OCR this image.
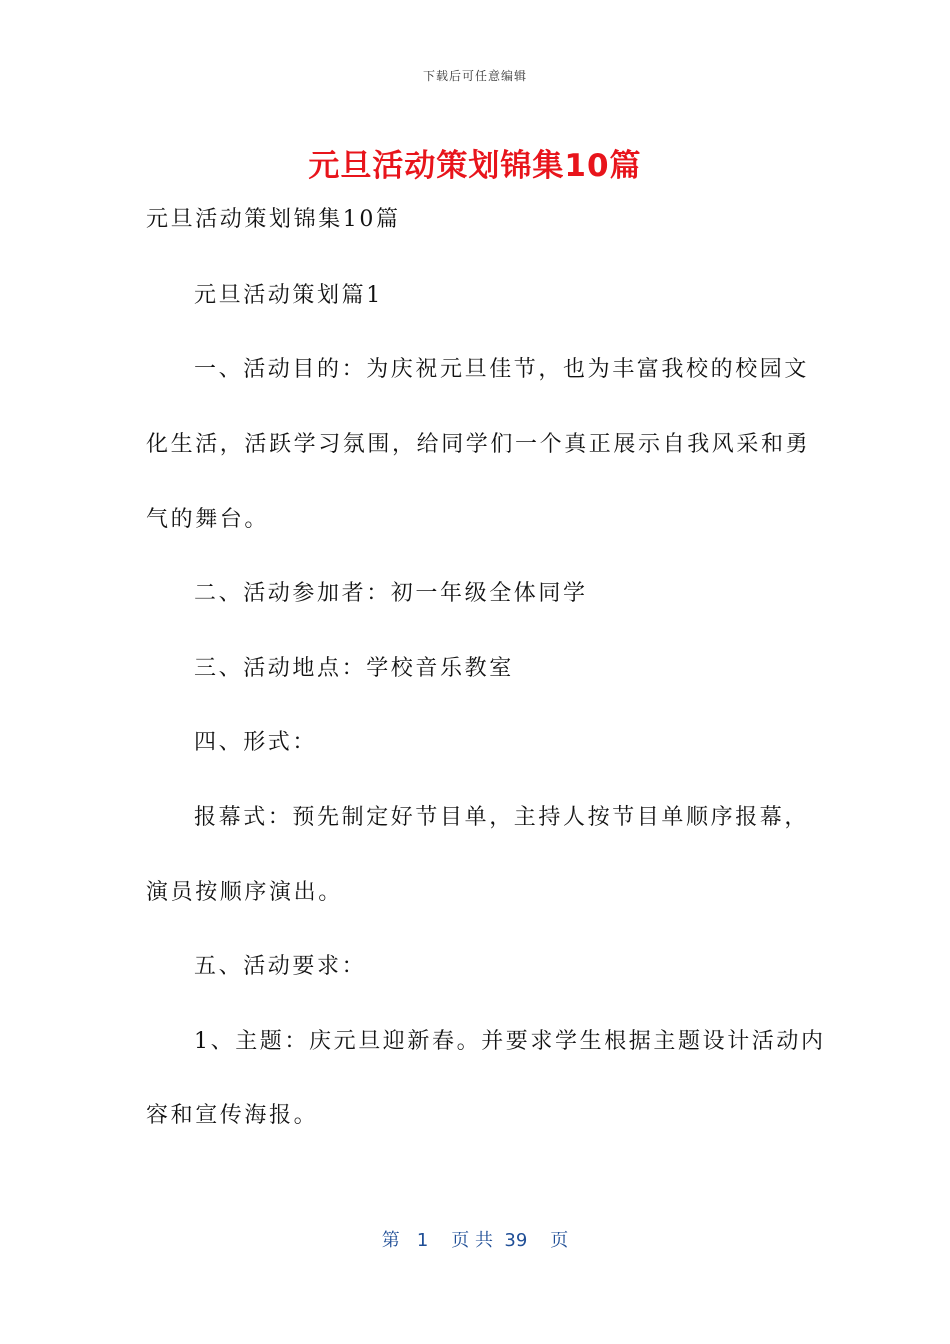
下载后可任意编辑
元旦活动策划锦集10篇
元旦活动策划锦集10篇
元旦活动策划篇1
一、活动目的：为庆祝元旦佳节，也为丰富我校的校园文
化生活，活跃学习氛围，给同学们一个真正展示自我风采和勇
气的舞台。
二、活动参加者：初一年级全体同学
三、活动地点：学校音乐教室
四、形式：
报幕式：预先制定好节目单，主持人按节目单顺序报幕，
演员按顺序演出。
五、活动要求：
1、主题：庆元旦迎新春。并要求学生根据主题设计活动内
容和宣传海报。
第   1    页 共  39    页
